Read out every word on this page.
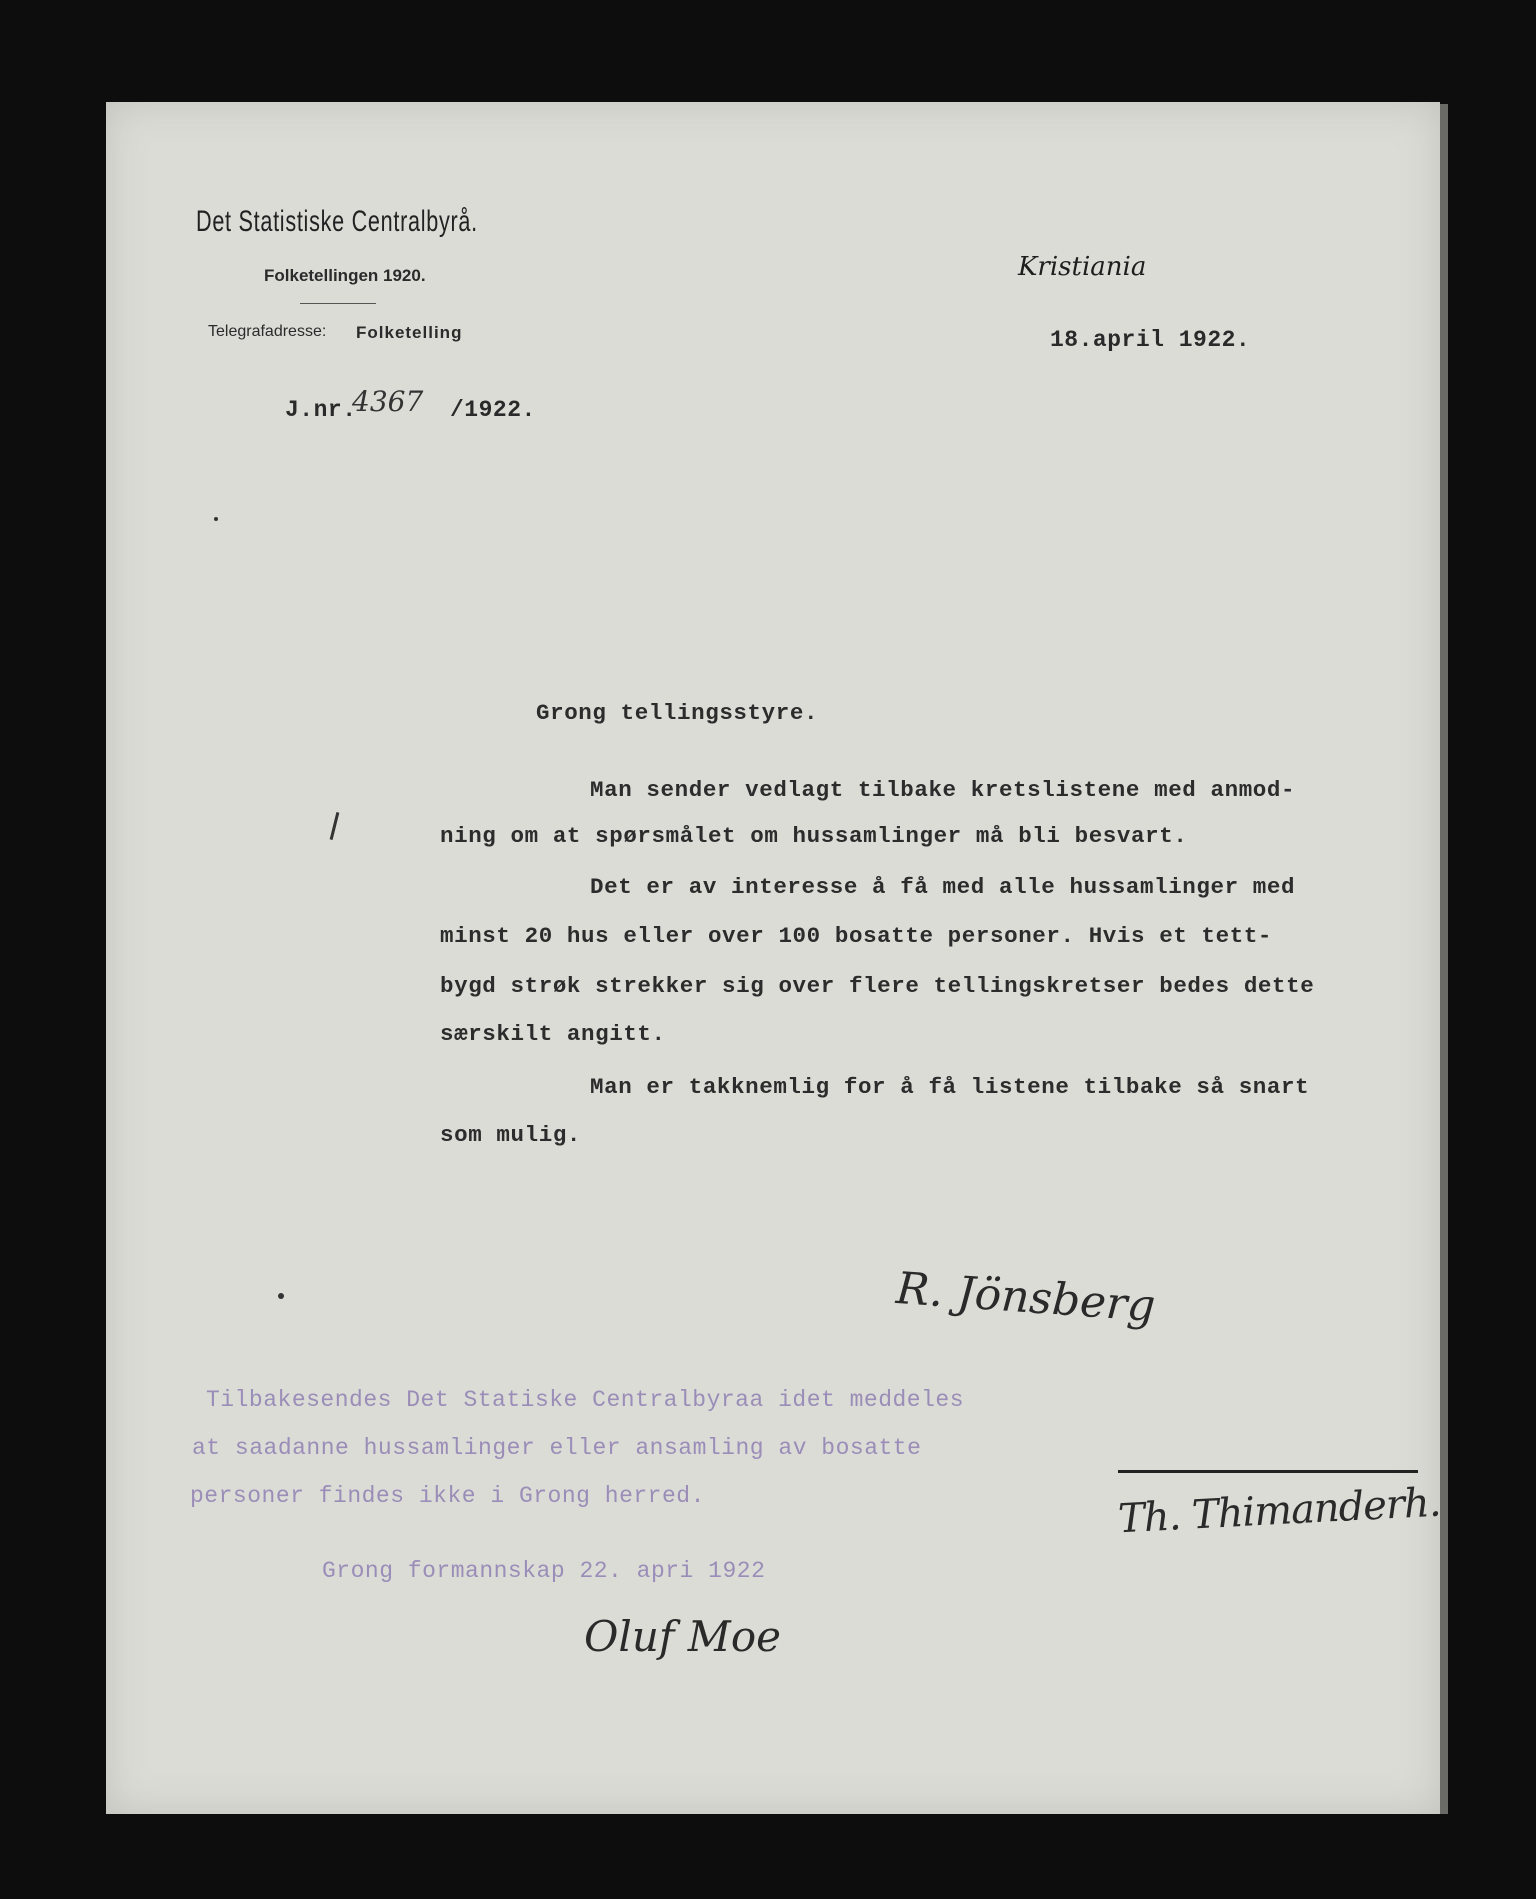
Det Statistiske Centralbyrå.
Folketellingen 1920.
Telegrafadresse: Folketelling
Kristiania
18.april 1922.
J.nr.
4367 /1922.
Grong tellingsstyre.
Man sender vedlagt tilbake kretslistene med anmod-
ning om at spørsmålet om hussamlinger må bli besvart.
Det er av interesse å få med alle hussamlinger med
minst 20 hus eller over 100 bosatte personer. Hvis et tett-
bygd strøk strekker sig over flere tellingskretser bedes dette
særskilt angitt.
Man er takknemlig for å få listene tilbake så snart
som mulig.
R. Jönsberg
Th. Thimanderh.
Tilbakesendes Det Statiske Centralbyraa idet meddeles
at saadanne hussamlinger eller ansamling av bosatte
personer findes ikke i Grong herred.
Grong formannskap 22. apri 1922
Oluf Moe
